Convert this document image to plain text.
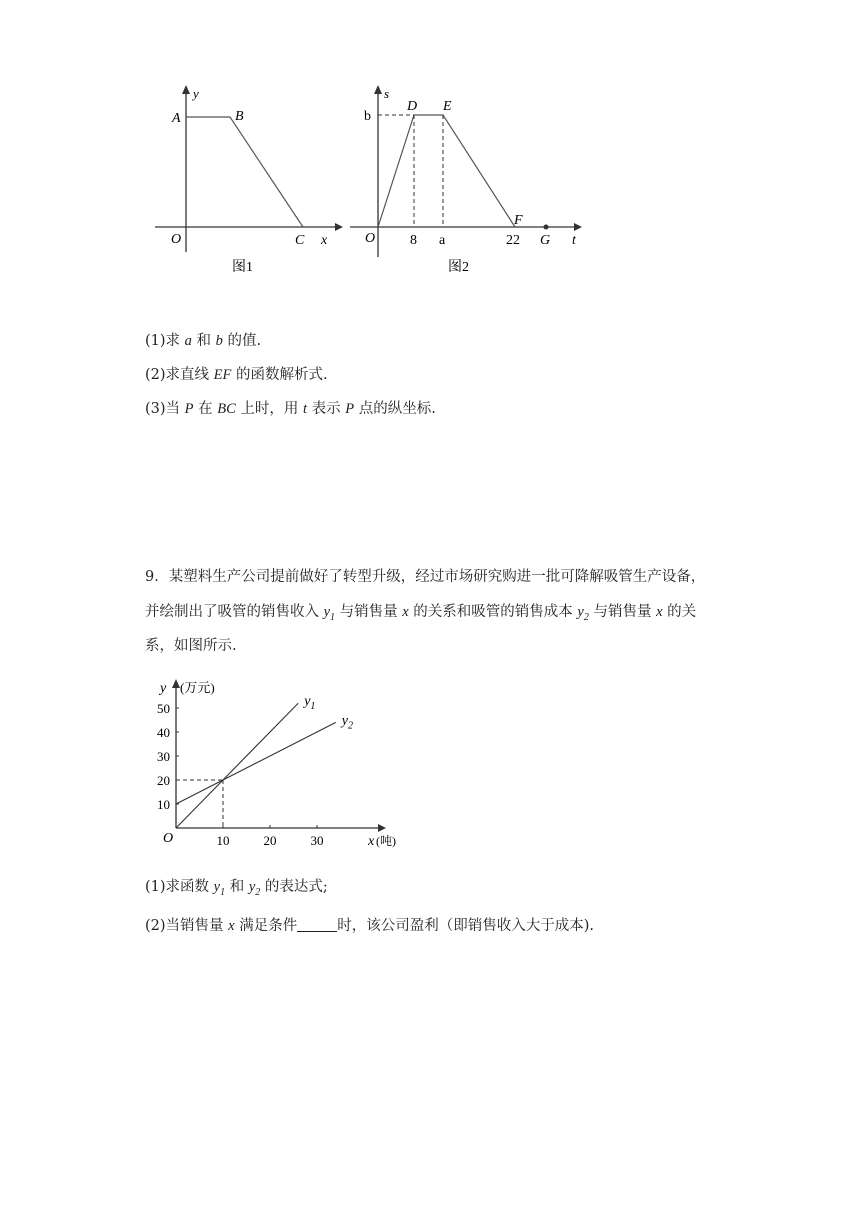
y
A	B
O	C x
图1
s
b
D E
O 8 a
F
22 G t
图2
(1)求 a 和 b 的值.
(2)求直线 EF 的函数解析式.
(3)当 P 在 BC 上时，用 t 表示 P 点的纵坐标.
9．某塑料生产公司提前做好了转型升级，经过市场研究购进一批可降解吸管生产设备，
并绘制出了吸管的销售收入 $y_1$ 与销售量 x 的关系和吸管的销售成本 $y_2$ 与销售量 x 的关
系，如图所示.
y (万元)
x (吨)
O	10	20	30
10
20
30
40
50	$y_1$
$y_2$
(1)求函数 $y_1$ 和 $y_2$ 的表达式;
(2)当销售量 x 满足条件	时，该公司盈利（即销售收入大于成本).
